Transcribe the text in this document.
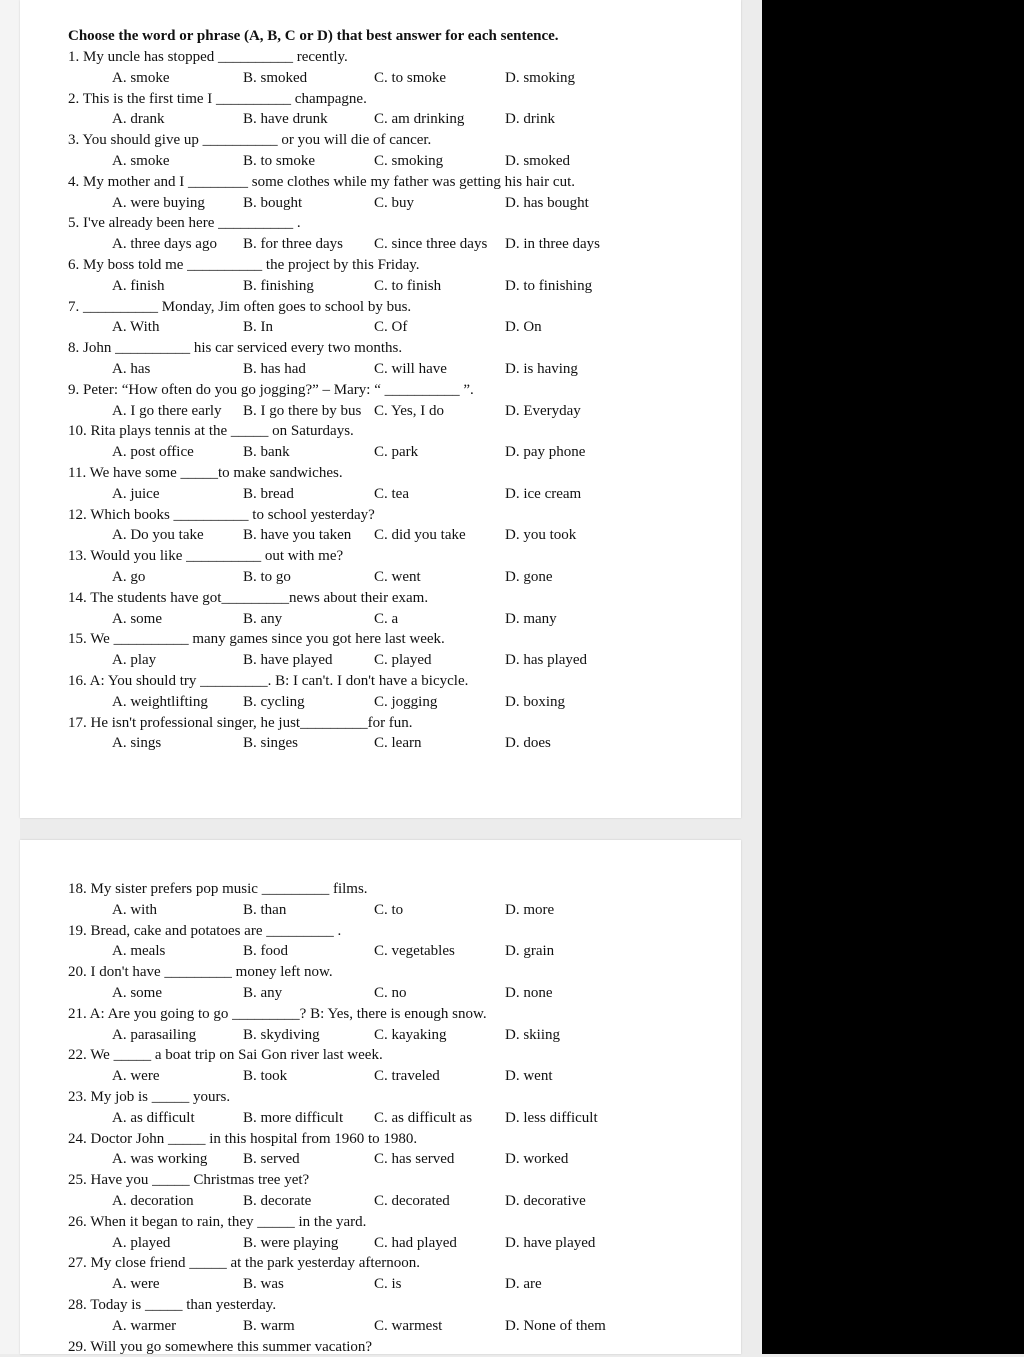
Choose the word or phrase (A, B, C or D) that best answer for each sentence.
1. My uncle has stopped __________ recently.
A. smoke	B. smoked	C. to smoke	D. smoking
2. This is the first time I __________ champagne.
A. drank	B. have drunk	C. am drinking	D. drink
3. You should give up __________ or you will die of cancer.
A. smoke	B. to smoke	C. smoking	D. smoked
4. My mother and I ________ some clothes while my father was getting his hair cut.
A. were buying	B. bought	C. buy	D. has bought
5. I've already been here __________ .
A. three days ago B. for three days C. since three days D. in three days
6. My boss told me __________ the project by this Friday.
A. finish	B. finishing	C. to finish	D. to finishing
7. __________ Monday, Jim often goes to school by bus.
A. With	B. In	C. Of	D. On
8. John __________ his car serviced every two months.
A. has	B. has had	C. will have	D. is having
9. Peter: “How often do you go jogging?” – Mary: “ __________ ”.
A. I go there early B. I go there by bus C. Yes, I do	D. Everyday
10. Rita plays tennis at the _____ on Saturdays.
A. post office	B. bank	C. park	D. pay phone
11. We have some _____to make sandwiches.
A. juice	B. bread	C. tea	D. ice cream
12. Which books __________ to school yesterday?
A. Do you take	B. have you taken C. did you take	D. you took
13. Would you like __________ out with me?
A. go	B. to go	C. went	D. gone
14. The students have got_________news about their exam.
A. some	B. any	C. a	D. many
15. We __________ many games since you got here last week.
A. play	B. have played	C. played	D. has played
16. A: You should try _________. B: I can't. I don't have a bicycle.
A. weightlifting B. cycling	C. jogging	D. boxing
17. He isn't professional singer, he just_________for fun.
A. sings	B. singes	C. learn	D. does
18. My sister prefers pop music _________ films.
A. with	B. than	C. to	D. more
19. Bread, cake and potatoes are _________ .
A. meals	B. food	C. vegetables	D. grain
20. I don't have _________ money left now.
A. some	B. any	C. no	D. none
21. A: Are you going to go _________? B: Yes, there is enough snow.
A. parasailing	B. skydiving	C. kayaking	D. skiing
22. We _____ a boat trip on Sai Gon river last week.
A. were	B. took	C. traveled	D. went
23. My job is _____ yours.
A. as difficult	B. more difficult C. as difficult as D. less difficult
24. Doctor John _____ in this hospital from 1960 to 1980.
A. was working B. served	C. has served	D. worked
25. Have you _____ Christmas tree yet?
A. decoration	B. decorate	C. decorated	D. decorative
26. When it began to rain, they _____ in the yard.
A. played	B. were playing C. had played	D. have played
27. My close friend _____ at the park yesterday afternoon.
A. were	B. was	C. is	D. are
28. Today is _____ than yesterday.
A. warmer	B. warm	C. warmest	D. None of them
29. Will you go somewhere this summer vacation?
